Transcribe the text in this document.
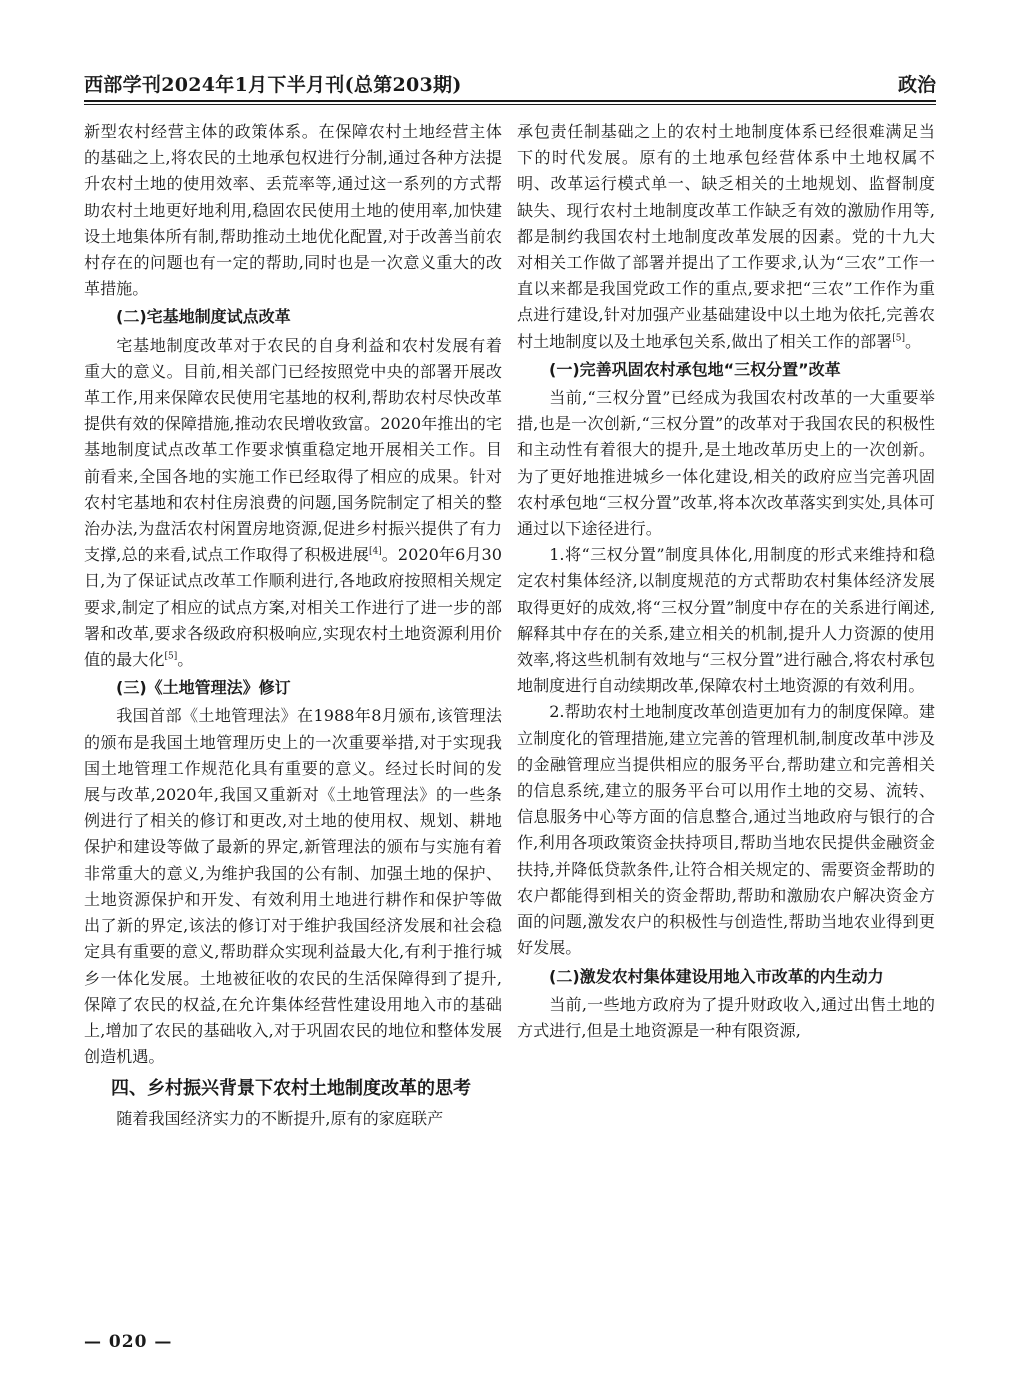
西部学刊2024年1月下半月刊(总第203期)	政治

新型农村经营主体的政策体系。在保障农村土地经营主体的基础之上,将农民的土地承包权进行分制,通过各种方法提升农村土地的使用效率、丢荒率等,通过这一系列的方式帮助农村土地更好地利用,稳固农民使用土地的使用率,加快建设土地集体所有制,帮助推动土地优化配置,对于改善当前农村存在的问题也有一定的帮助,同时也是一次意义重大的改革措施。

(二)宅基地制度试点改革

宅基地制度改革对于农民的自身利益和农村发展有着重大的意义。目前,相关部门已经按照党中央的部署开展改革工作,用来保障农民使用宅基地的权利,帮助农村尽快改革提供有效的保障措施,推动农民增收致富。2020年推出的宅基地制度试点改革工作要求慎重稳定地开展相关工作。目前看来,全国各地的实施工作已经取得了相应的成果。针对农村宅基地和农村住房浪费的问题,国务院制定了相关的整治办法,为盘活农村闲置房地资源,促进乡村振兴提供了有力支撑,总的来看,试点工作取得了积极进展[4]。2020年6月30日,为了保证试点改革工作顺利进行,各地政府按照相关规定要求,制定了相应的试点方案,对相关工作进行了进一步的部署和改革,要求各级政府积极响应,实现农村土地资源利用价值的最大化[5]。

(三)《土地管理法》修订

我国首部《土地管理法》在1988年8月颁布,该管理法的颁布是我国土地管理历史上的一次重要举措,对于实现我国土地管理工作规范化具有重要的意义。经过长时间的发展与改革,2020年,我国又重新对《土地管理法》的一些条例进行了相关的修订和更改,对土地的使用权、规划、耕地保护和建设等做了最新的界定,新管理法的颁布与实施有着非常重大的意义,为维护我国的公有制、加强土地的保护、土地资源保护和开发、有效利用土地进行耕作和保护等做出了新的界定,该法的修订对于维护我国经济发展和社会稳定具有重要的意义,帮助群众实现利益最大化,有利于推行城乡一体化发展。土地被征收的农民的生活保障得到了提升,保障了农民的权益,在允许集体经营性建设用地入市的基础上,增加了农民的基础收入,对于巩固农民的地位和整体发展创造机遇。

四、乡村振兴背景下农村土地制度改革的思考

随着我国经济实力的不断提升,原有的家庭联产

承包责任制基础之上的农村土地制度体系已经很难满足当下的时代发展。原有的土地承包经营体系中土地权属不明、改革运行模式单一、缺乏相关的土地规划、监督制度缺失、现行农村土地制度改革工作缺乏有效的激励作用等,都是制约我国农村土地制度改革发展的因素。党的十九大对相关工作做了部署并提出了工作要求,认为“三农”工作一直以来都是我国党政工作的重点,要求把“三农”工作作为重点进行建设,针对加强产业基础建设中以土地为依托,完善农村土地制度以及土地承包关系,做出了相关工作的部署[5]。

(一)完善巩固农村承包地“三权分置”改革

当前,“三权分置”已经成为我国农村改革的一大重要举措,也是一次创新,“三权分置”的改革对于我国农民的积极性和主动性有着很大的提升,是土地改革历史上的一次创新。为了更好地推进城乡一体化建设,相关的政府应当完善巩固农村承包地“三权分置”改革,将本次改革落实到实处,具体可通过以下途径进行。

1.将“三权分置”制度具体化,用制度的形式来维持和稳定农村集体经济,以制度规范的方式帮助农村集体经济发展取得更好的成效,将“三权分置”制度中存在的关系进行阐述,解释其中存在的关系,建立相关的机制,提升人力资源的使用效率,将这些机制有效地与“三权分置”进行融合,将农村承包地制度进行自动续期改革,保障农村土地资源的有效利用。

2.帮助农村土地制度改革创造更加有力的制度保障。建立制度化的管理措施,建立完善的管理机制,制度改革中涉及的金融管理应当提供相应的服务平台,帮助建立和完善相关的信息系统,建立的服务平台可以用作土地的交易、流转、信息服务中心等方面的信息整合,通过当地政府与银行的合作,利用各项政策资金扶持项目,帮助当地农民提供金融资金扶持,并降低贷款条件,让符合相关规定的、需要资金帮助的农户都能得到相关的资金帮助,帮助和激励农户解决资金方面的问题,激发农户的积极性与创造性,帮助当地农业得到更好发展。

(二)激发农村集体建设用地入市改革的内生动力

当前,一些地方政府为了提升财政收入,通过出售土地的方式进行,但是土地资源是一种有限资源,

— 020 —
